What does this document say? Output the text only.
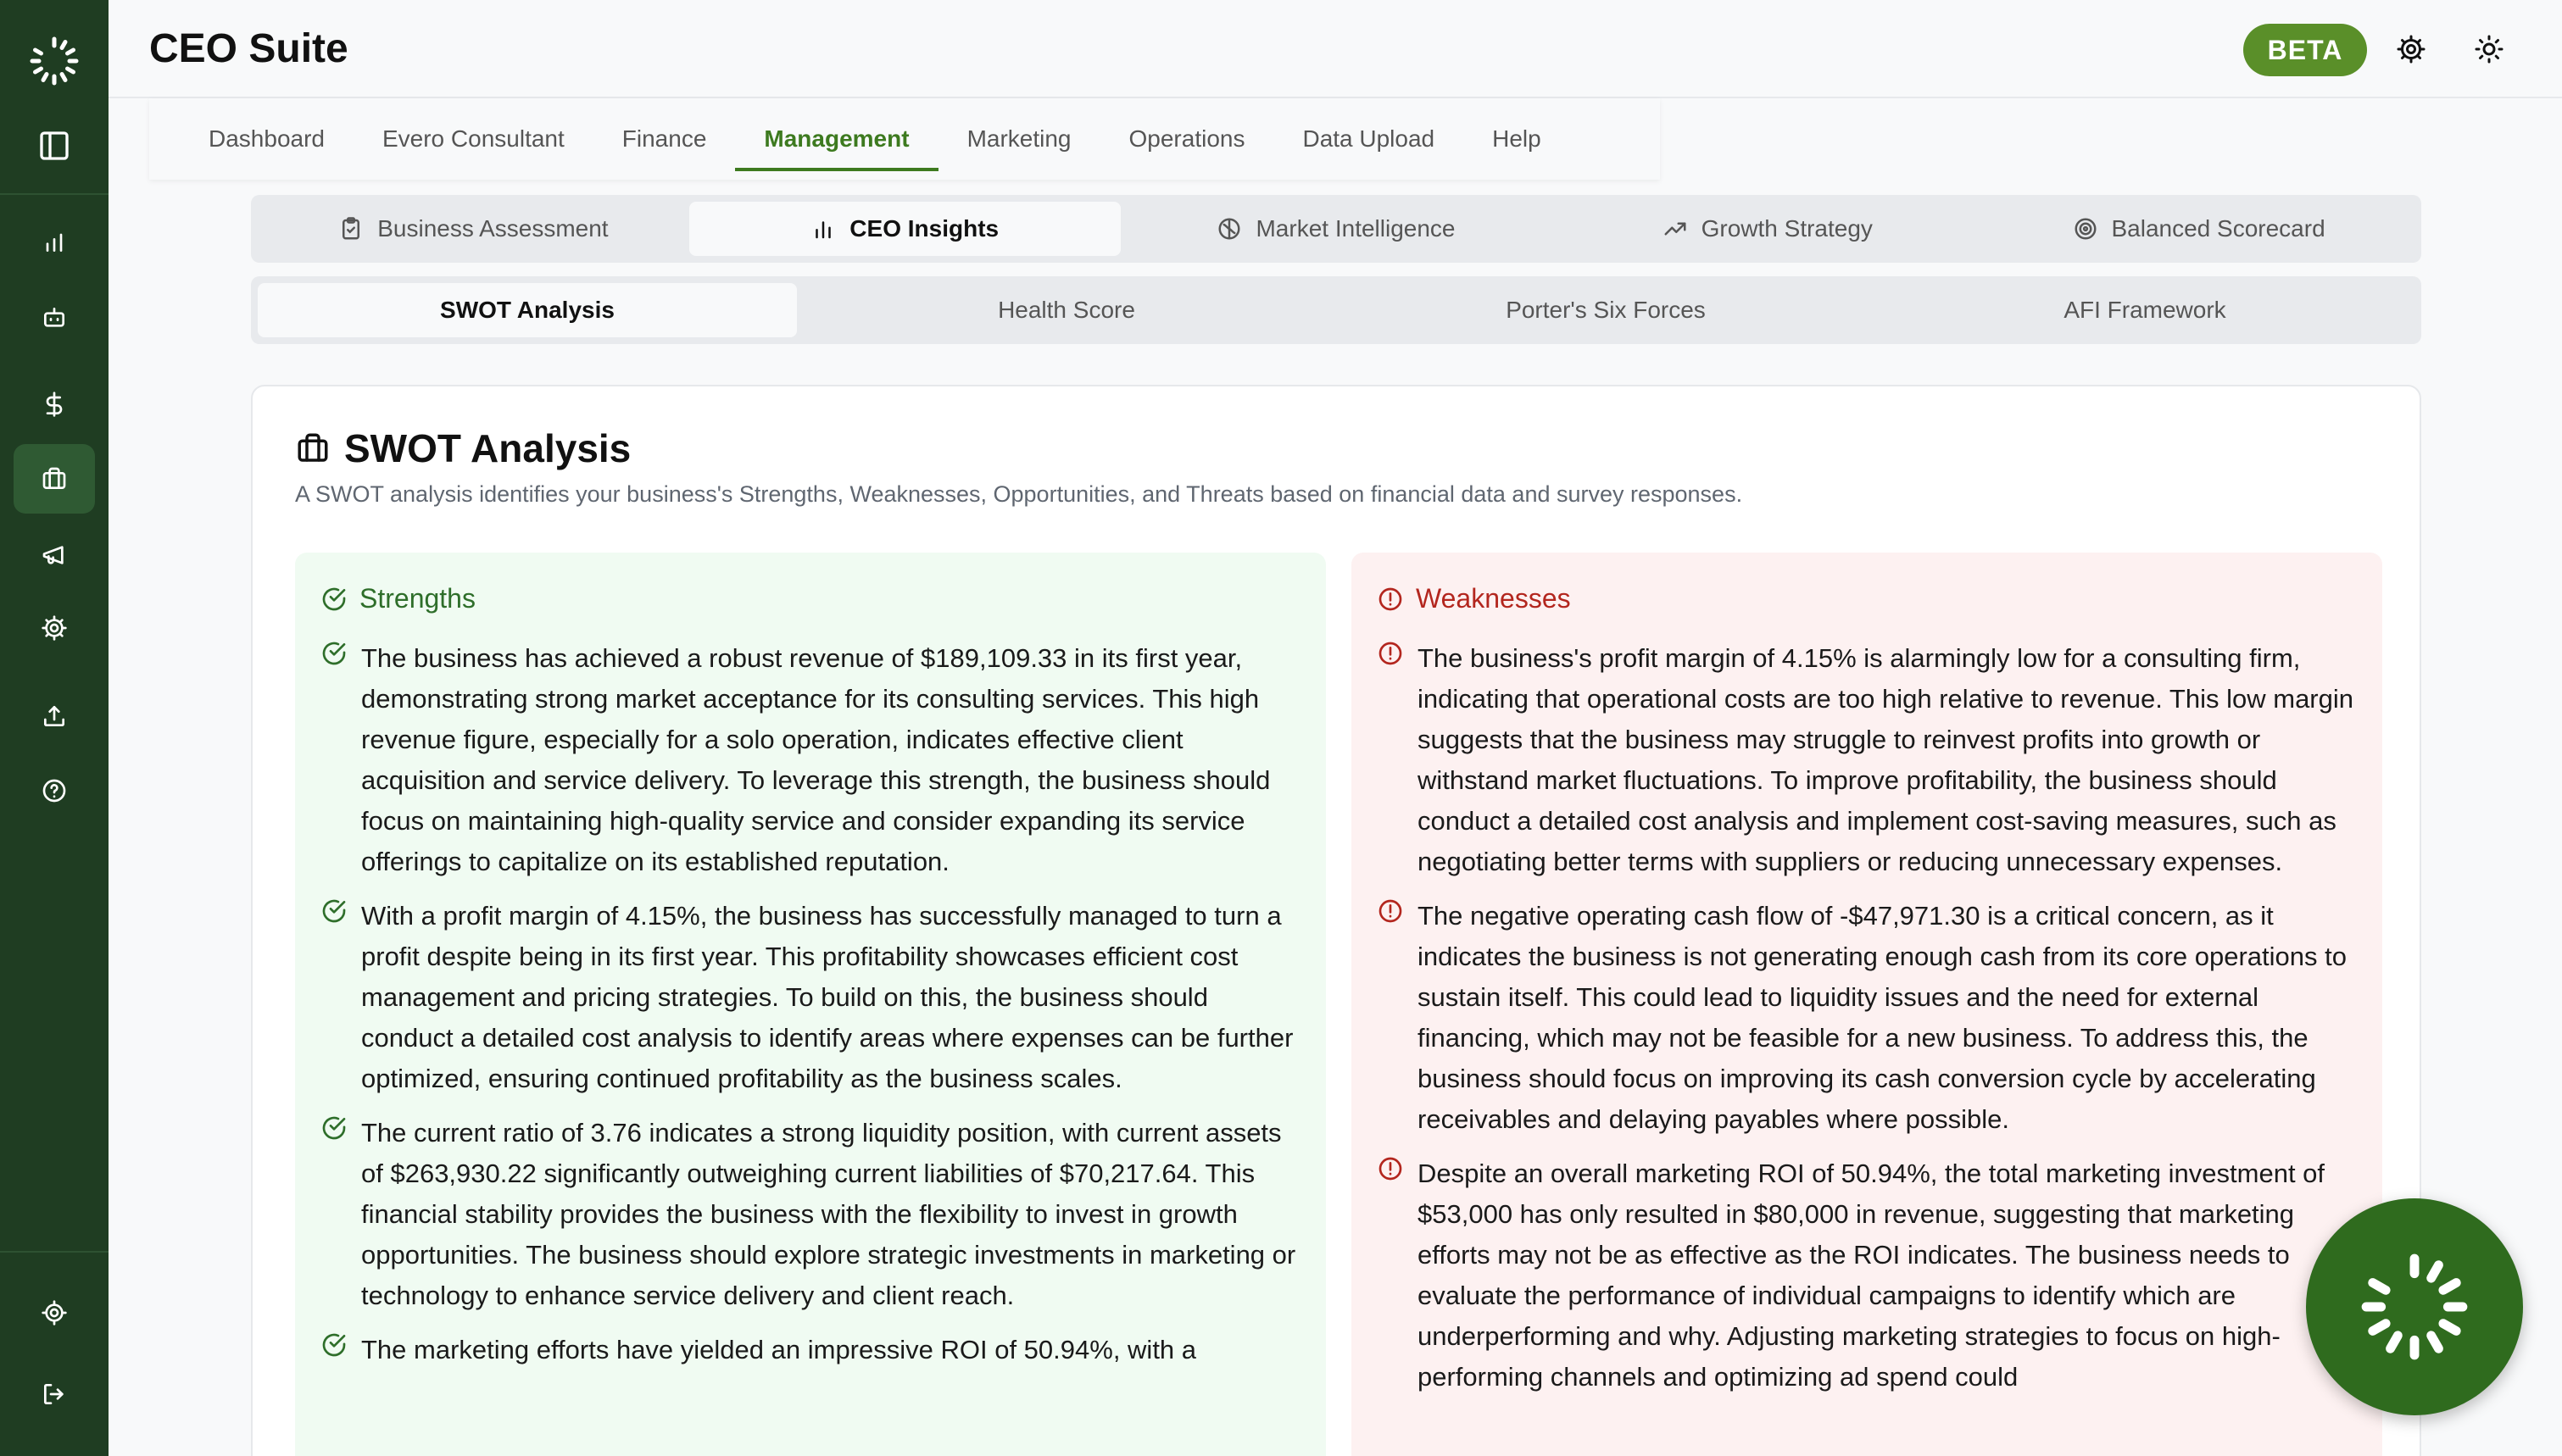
CEO Suite	BETA
Dashboard	Evero Consultant	Finance	Management	Marketing	Operations	Data Upload	Help
Business Assessment	CEO Insights	Market Intelligence	Growth Strategy	Balanced Scorecard
SWOT Analysis	Health Score	Porter's Six Forces	AFI Framework
SWOT Analysis

A SWOT analysis identifies your business's Strengths, Weaknesses, Opportunities, and Threats based on financial data and survey responses.

Strengths

The business has achieved a robust revenue of $189,109.33 in its first year, demonstrating strong market acceptance for its consulting services. This high revenue figure, especially for a solo operation, indicates effective client acquisition and service delivery. To leverage this strength, the business should focus on maintaining high-quality service and consider expanding its service offerings to capitalize on its established reputation.

With a profit margin of 4.15%, the business has successfully managed to turn a profit despite being in its first year. This profitability showcases efficient cost management and pricing strategies. To build on this, the business should conduct a detailed cost analysis to identify areas where expenses can be further optimized, ensuring continued profitability as the business scales.

The current ratio of 3.76 indicates a strong liquidity position, with current assets of $263,930.22 significantly outweighing current liabilities of $70,217.64. This financial stability provides the business with the flexibility to invest in growth opportunities. The business should explore strategic investments in marketing or technology to enhance service delivery and client reach.

The marketing efforts have yielded an impressive ROI of 50.94%, with a

Weaknesses

The business's profit margin of 4.15% is alarmingly low for a consulting firm, indicating that operational costs are too high relative to revenue. This low margin suggests that the business may struggle to reinvest profits into growth or withstand market fluctuations. To improve profitability, the business should conduct a detailed cost analysis and implement cost-saving measures, such as negotiating better terms with suppliers or reducing unnecessary expenses.

The negative operating cash flow of -$47,971.30 is a critical concern, as it indicates the business is not generating enough cash from its core operations to sustain itself. This could lead to liquidity issues and the need for external financing, which may not be feasible for a new business. To address this, the business should focus on improving its cash conversion cycle by accelerating receivables and delaying payables where possible.

Despite an overall marketing ROI of 50.94%, the total marketing investment of $53,000 has only resulted in $80,000 in revenue, suggesting that marketing efforts may not be as effective as the ROI indicates. The business needs to evaluate the performance of individual campaigns to identify which are underperforming and why. Adjusting marketing strategies to focus on high-performing channels and optimizing ad spend could
